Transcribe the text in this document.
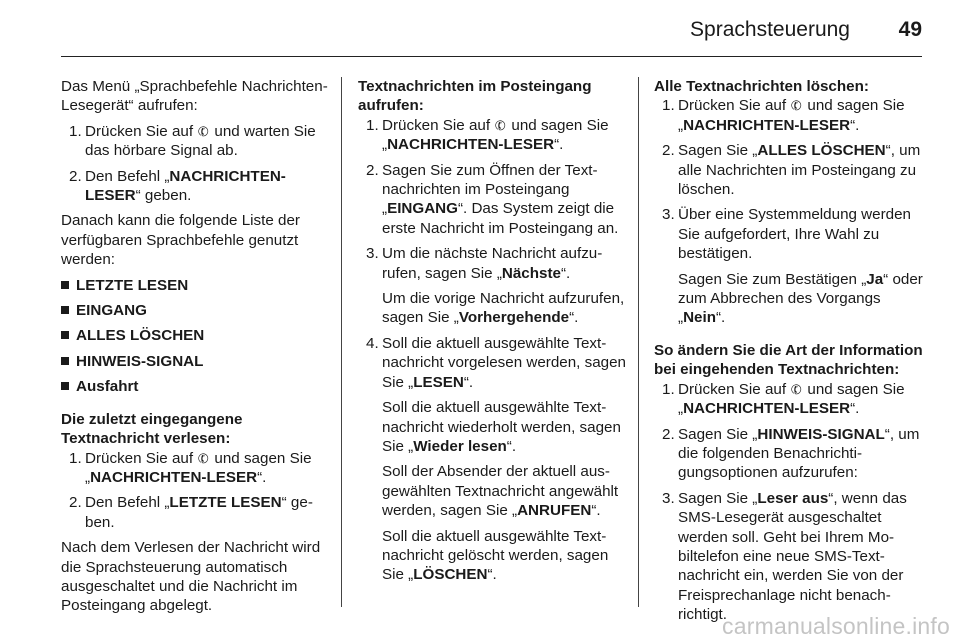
Sprachsteuerung 49

Das Menü „Sprachbefehle Nachrichten-Lesegerät“ aufrufen:

1. Drücken Sie auf ✆ und warten Sie das hörbare Signal ab.
2. Den Befehl „NACHRICHTEN-LESER“ geben.

Danach kann die folgende Liste der verfügbaren Sprachbefehle genutzt werden:

LETZTE LESEN
EINGANG
ALLES LÖSCHEN
HINWEIS-SIGNAL
Ausfahrt

Die zuletzt eingegangene Textnachricht verlesen:

1. Drücken Sie auf ✆ und sagen Sie „NACHRICHTEN-LESER“.
2. Den Befehl „LETZTE LESEN“ geben.

Nach dem Verlesen der Nachricht wird die Sprachsteuerung automatisch ausgeschaltet und die Nachricht im Posteingang abgelegt.

Textnachrichten im Posteingang aufrufen:

1. Drücken Sie auf ✆ und sagen Sie „NACHRICHTEN-LESER“.
2. Sagen Sie zum Öffnen der Textnachrichten im Posteingang „EINGANG“. Das System zeigt die erste Nachricht im Posteingang an.
3. Um die nächste Nachricht aufzurufen, sagen Sie „Nächste“.
Um die vorige Nachricht aufzurufen, sagen Sie „Vorhergehende“.
4. Soll die aktuell ausgewählte Textnachricht vorgelesen werden, sagen Sie „LESEN“.
Soll die aktuell ausgewählte Textnachricht wiederholt werden, sagen Sie „Wieder lesen“.
Soll der Absender der aktuell ausgewählten Textnachricht angewählt werden, sagen Sie „ANRUFEN“.
Soll die aktuell ausgewählte Textnachricht gelöscht werden, sagen Sie „LÖSCHEN“.

Alle Textnachrichten löschen:

1. Drücken Sie auf ✆ und sagen Sie „NACHRICHTEN-LESER“.
2. Sagen Sie „ALLES LÖSCHEN“, um alle Nachrichten im Posteingang zu löschen.
3. Über eine Systemmeldung werden Sie aufgefordert, Ihre Wahl zu bestätigen.
Sagen Sie zum Bestätigen „Ja“ oder zum Abbrechen des Vorgangs „Nein“.

So ändern Sie die Art der Information bei eingehenden Textnachrichten:

1. Drücken Sie auf ✆ und sagen Sie „NACHRICHTEN-LESER“.
2. Sagen Sie „HINWEIS-SIGNAL“, um die folgenden Benachrichtigungsoptionen aufzurufen:
3. Sagen Sie „Leser aus“, wenn das SMS-Lesegerät ausgeschaltet werden soll. Geht bei Ihrem Mobiltelefon eine neue SMS-Textnachricht ein, werden Sie von der Freisprechanlage nicht benachrichtigt.
carmanualsonline.info
